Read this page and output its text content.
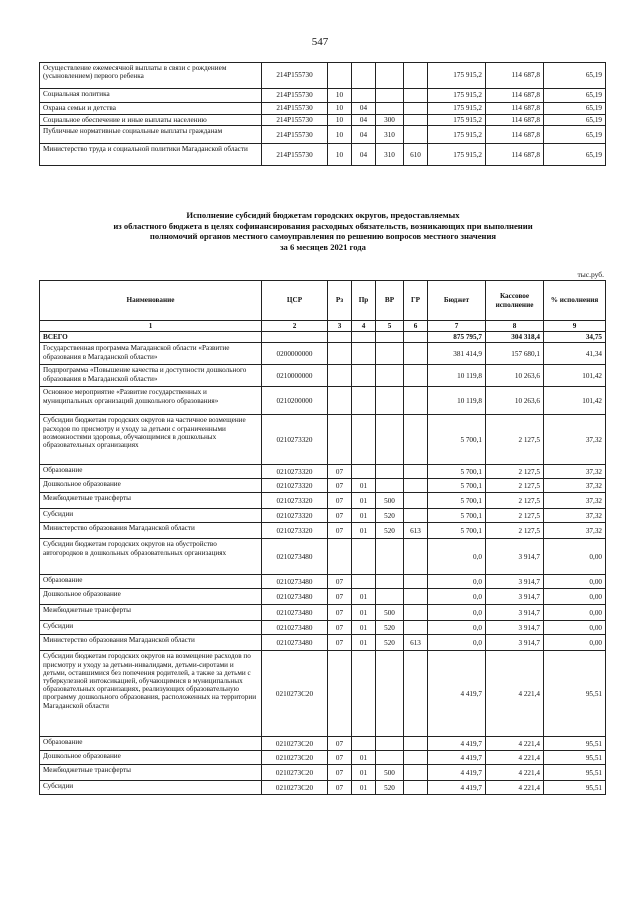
547
Осуществление ежемесячной выплаты в связи с рождением (усыновлением) первого ребенка	214P155730					175 915,2	114 687,8	65,19
Социальная политика	214P155730	10				175 915,2	114 687,8	65,19
Охрана семьи и детства	214P155730	10	04			175 915,2	114 687,8	65,19
Социальное обеспечение и иные выплаты населению	214P155730	10	04	300		175 915,2	114 687,8	65,19
Публичные нормативные социальные выплаты гражданам	214P155730	10	04	310		175 915,2	114 687,8	65,19
Министерство труда и социальной политики Магаданской области	214P155730	10	04	310	610	175 915,2	114 687,8	65,19
Исполнение субсидий бюджетам городских округов, предоставляемых
из областного бюджета в целях софинансирования расходных обязательств, возникающих при выполнении
полномочий органов местного самоуправления по решению вопросов местного значения
за 6 месяцев 2021 года
тыс.руб.
Наименование	ЦСР	Рз	Пр	ВР	ГР	Бюджет	Кассовое исполнение	% исполнения
1	2	3	4	5	6	7	8	9
ВСЕГО						875 795,7	304 318,4	34,75
Государственная программа Магаданской области «Развитие образования в Магаданской области»	0200000000					381 414,9	157 680,1	41,34
Подпрограмма «Повышение качества и доступности дошкольного образования в Магаданской области»	0210000000					10 119,8	10 263,6	101,42
Основное мероприятие «Развитие государственных и муниципальных организаций дошкольного образования»	0210200000					10 119,8	10 263,6	101,42
Субсидии бюджетам городских округов на частичное возмещение расходов по присмотру и уходу за детьми с ограниченными возможностями здоровья, обучающимися в дошкольных образовательных организациях	0210273320					5 700,1	2 127,5	37,32
Образование	0210273320	07				5 700,1	2 127,5	37,32
Дошкольное образование	0210273320	07	01			5 700,1	2 127,5	37,32
Межбюджетные трансферты	0210273320	07	01	500		5 700,1	2 127,5	37,32
Субсидии	0210273320	07	01	520		5 700,1	2 127,5	37,32
Министерство образования Магаданской области	0210273320	07	01	520	613	5 700,1	2 127,5	37,32
Субсидии бюджетам городских округов на обустройство автогородков в дошкольных образовательных организациях	0210273480					0,0	3 914,7	0,00
Образование	0210273480	07				0,0	3 914,7	0,00
Дошкольное образование	0210273480	07	01			0,0	3 914,7	0,00
Межбюджетные трансферты	0210273480	07	01	500		0,0	3 914,7	0,00
Субсидии	0210273480	07	01	520		0,0	3 914,7	0,00
Министерство образования Магаданской области	0210273480	07	01	520	613	0,0	3 914,7	0,00
Субсидии бюджетам городских округов на возмещение расходов по присмотру и уходу за детьми-инвалидами, детьми-сиротами и детьми, оставшимися без попечения родителей, а также за детьми с туберкулезной интоксикацией, обучающимися в муниципальных образовательных организациях, реализующих образовательную программу дошкольного образования, расположенных на территории Магаданской области	0210273C20					4 419,7	4 221,4	95,51
Образование	0210273C20	07				4 419,7	4 221,4	95,51
Дошкольное образование	0210273C20	07	01			4 419,7	4 221,4	95,51
Межбюджетные трансферты	0210273C20	07	01	500		4 419,7	4 221,4	95,51
Субсидии	0210273C20	07	01	520		4 419,7	4 221,4	95,51
